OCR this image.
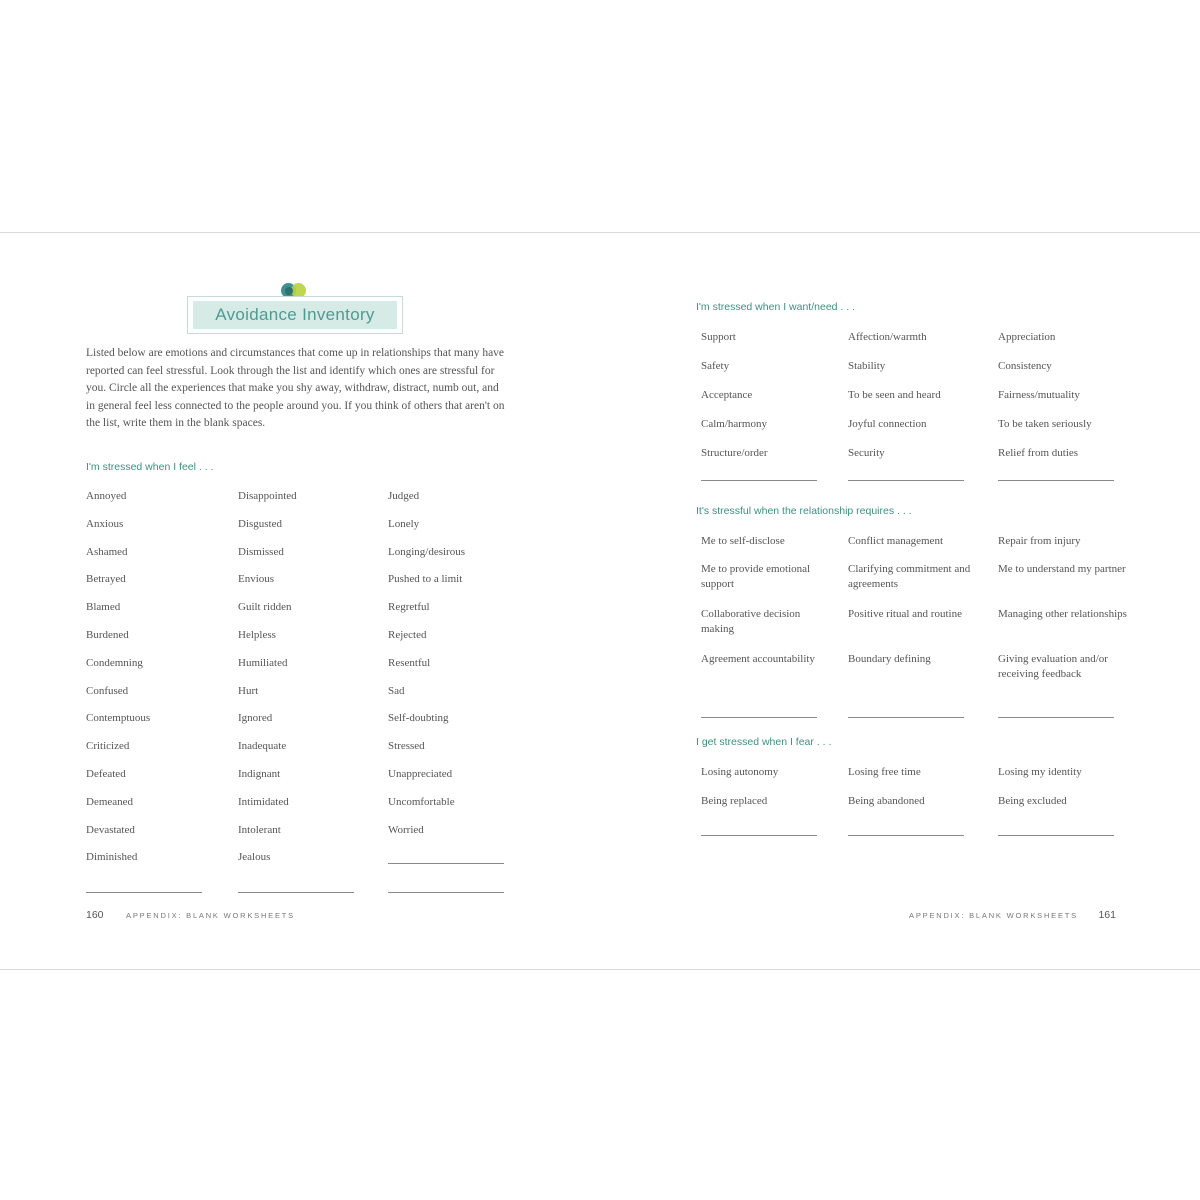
Avoidance Inventory
Listed below are emotions and circumstances that come up in relationships that many have reported can feel stressful. Look through the list and identify which ones are stressful for you. Circle all the experiences that make you shy away, withdraw, distract, numb out, and in general feel less connected to the people around you. If you think of others that aren't on the list, write them in the blank spaces.
I'm stressed when I feel . . .
Annoyed
Anxious
Ashamed
Betrayed
Blamed
Burdened
Condemning
Confused
Contemptuous
Criticized
Defeated
Demeaned
Devastated
Diminished
Disappointed
Disgusted
Dismissed
Envious
Guilt ridden
Helpless
Humiliated
Hurt
Ignored
Inadequate
Indignant
Intimidated
Intolerant
Jealous
Judged
Lonely
Longing/desirous
Pushed to a limit
Regretful
Rejected
Resentful
Sad
Self-doubting
Stressed
Unappreciated
Uncomfortable
Worried
160	APPENDIX: BLANK WORKSHEETS
I'm stressed when I want/need . . .
It's stressful when the relationship requires . . .
I get stressed when I fear . . .
Support
Safety
Acceptance
Calm/harmony
Structure/order
Affection/warmth
Stability
To be seen and heard
Joyful connection
Security
Appreciation
Consistency
Fairness/mutuality
To be taken seriously
Relief from duties
Me to self-disclose
Me to provide emotional support
Collaborative decision making
Agreement accountability
Conflict management
Clarifying commitment and agreements
Positive ritual and routine
Boundary defining
Repair from injury
Me to understand my partner
Managing other relationships
Giving evaluation and/or receiving feedback
Losing autonomy
Being replaced
Losing free time
Being abandoned
Losing my identity
Being excluded
APPENDIX: BLANK WORKSHEETS 161
